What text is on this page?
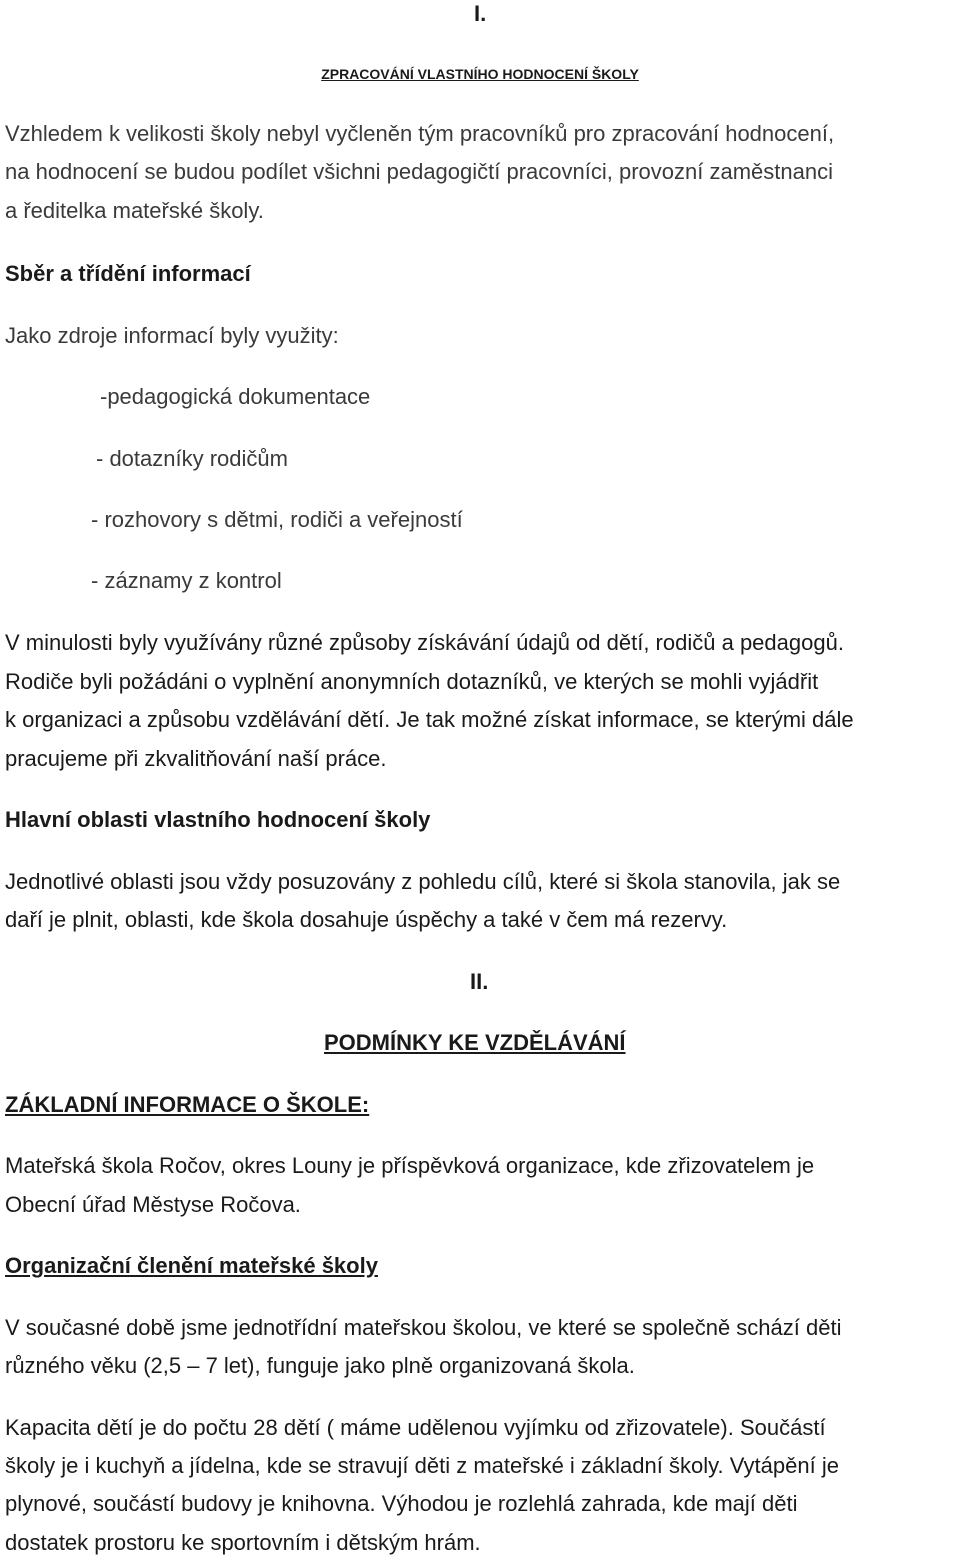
I.
ZPRACOVÁNÍ VLASTNÍHO HODNOCENÍ ŠKOLY
Vzhledem k velikosti školy nebyl vyčleněn tým pracovníků pro zpracování hodnocení,
na hodnocení se budou podílet všichni pedagogičtí pracovníci, provozní zaměstnanci
a ředitelka mateřské školy.
Sběr a třídění informací
Jako zdroje informací byly využity:
-pedagogická dokumentace
- dotazníky rodičům
- rozhovory s dětmi, rodiči a veřejností
- záznamy z kontrol
V minulosti byly využívány různé způsoby získávání údajů od dětí, rodičů a pedagogů.
Rodiče byli požádáni o vyplnění anonymních dotazníků, ve kterých se mohli vyjádřit
k organizaci a způsobu vzdělávání dětí. Je tak možné získat informace, se kterými dále
pracujeme při zkvalitňování naší práce.
Hlavní oblasti vlastního hodnocení školy
Jednotlivé oblasti jsou vždy posuzovány z pohledu cílů, které si škola stanovila, jak se
daří je plnit, oblasti, kde škola dosahuje úspěchy a také v čem má rezervy.
II.
PODMÍNKY KE VZDĚLÁVÁNÍ
ZÁKLADNÍ INFORMACE O ŠKOLE:
Mateřská škola Ročov, okres Louny je příspěvková organizace, kde zřizovatelem je
Obecní úřad Městyse Ročova.
Organizační členění mateřské školy
V současné době jsme jednotřídní mateřskou školou, ve které se společně schází děti
různého věku (2,5 – 7 let), funguje jako plně organizovaná škola.
Kapacita dětí je do počtu 28 dětí ( máme udělenou vyjímku od zřizovatele). Součástí
školy je i kuchyň a jídelna, kde se stravují děti z mateřské i základní školy. Vytápění je
plynové, součástí budovy je knihovna. Výhodou je rozlehlá zahrada, kde mají děti
dostatek prostoru ke sportovním i dětským hrám.
